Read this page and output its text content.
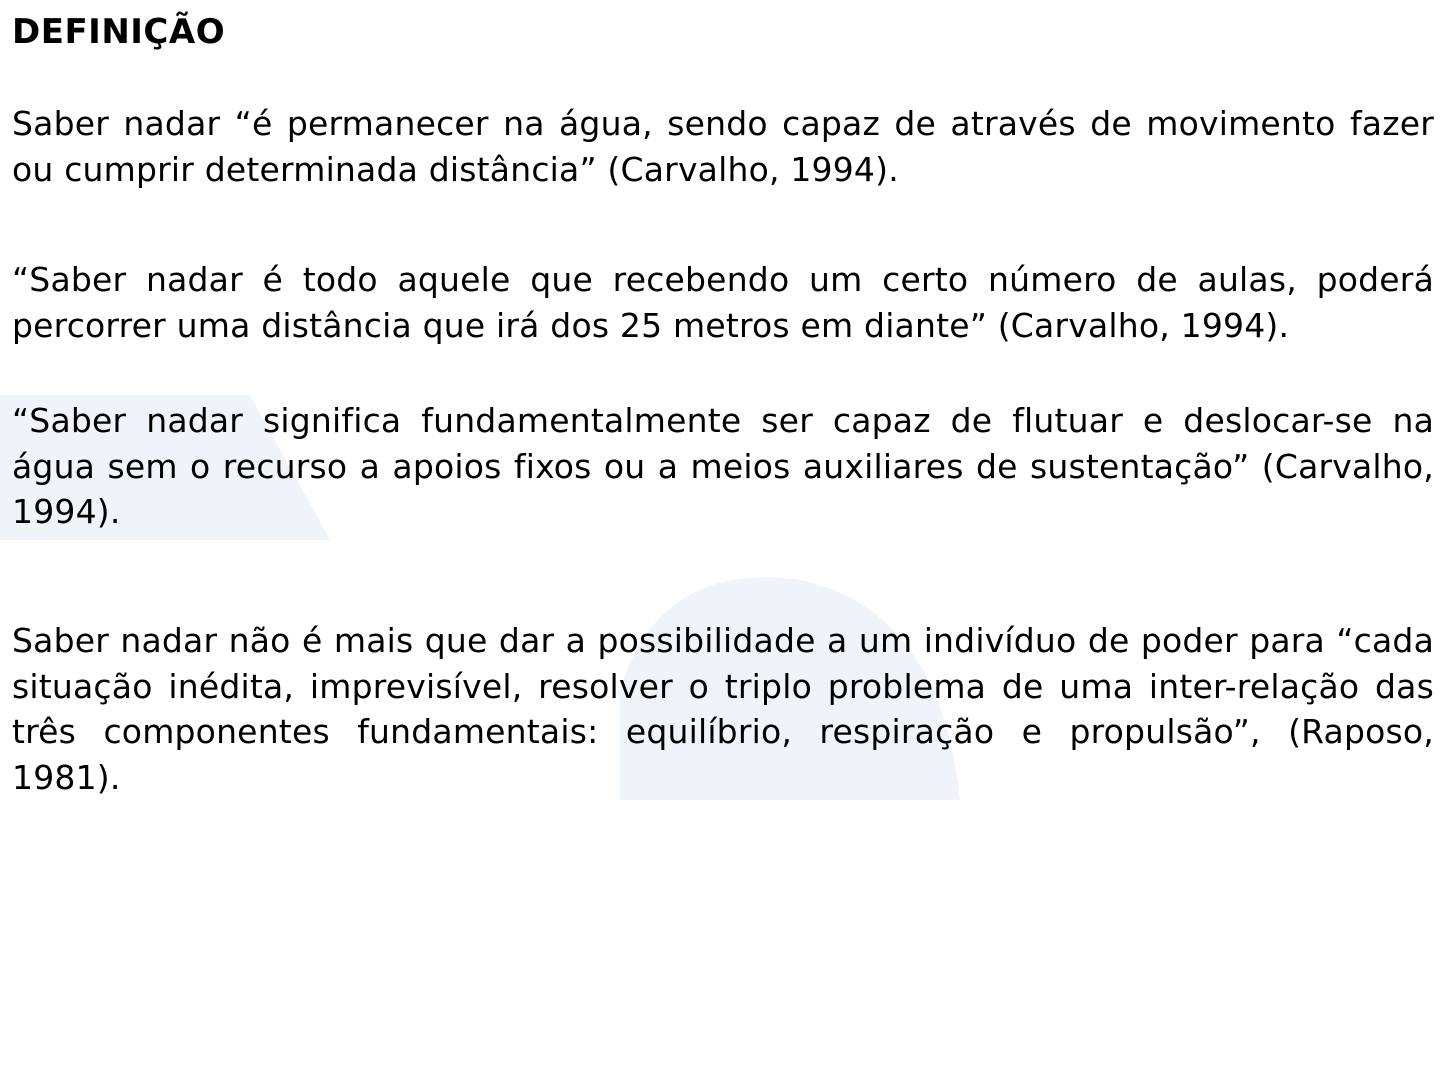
DEFINIÇÃO

Saber nadar “é permanecer na água, sendo capaz de através de movimento fazer ou cumprir determinada distância” (Carvalho, 1994).

“Saber nadar é todo aquele que recebendo um certo número de aulas, poderá percorrer uma distância que irá dos 25 metros em diante” (Carvalho, 1994).

“Saber nadar significa fundamentalmente ser capaz de flutuar e deslocar-se na água sem o recurso a apoios fixos ou a meios auxiliares de sustentação” (Carvalho, 1994).

Saber nadar não é mais que dar a possibilidade a um indivíduo de poder para “cada situação inédita, imprevisível, resolver o triplo problema de uma inter-relação das três componentes fundamentais: equilíbrio, respiração e propulsão”, (Raposo, 1981).
